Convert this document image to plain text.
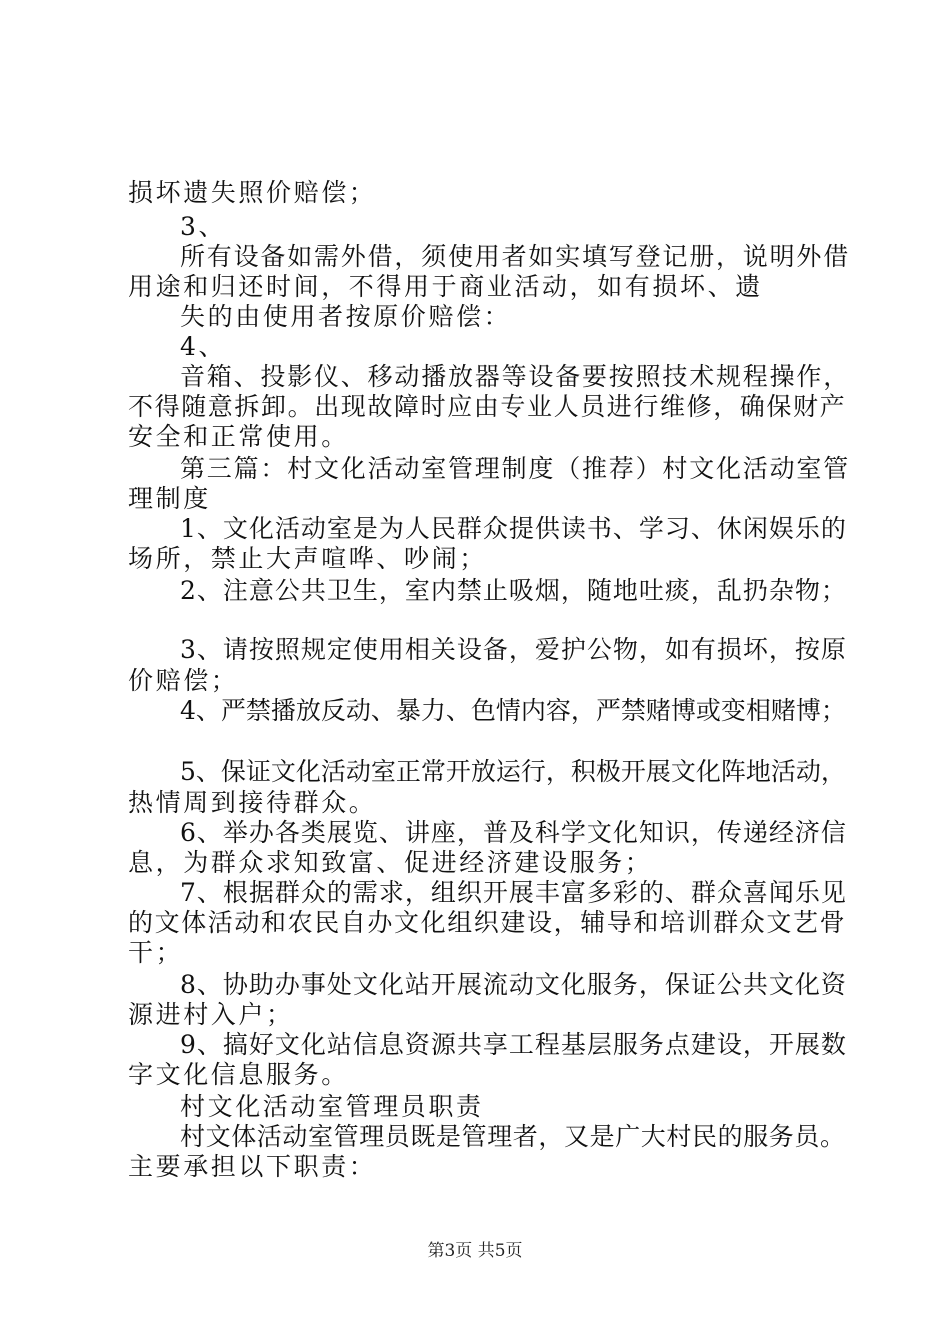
损坏遗失照价赔偿；
3、
所有设备如需外借，须使用者如实填写登记册，说明外借
用途和归还时间，不得用于商业活动，如有损坏、遗
失的由使用者按原价赔偿：
4、
音箱、投影仪、移动播放器等设备要按照技术规程操作，
不得随意拆卸。出现故障时应由专业人员进行维修，确保财产
安全和正常使用。
第三篇：村文化活动室管理制度（推荐）村文化活动室管
理制度
1、文化活动室是为人民群众提供读书、学习、休闲娱乐的
场所，禁止大声喧哗、吵闹；
2、注意公共卫生，室内禁止吸烟，随地吐痰，乱扔杂物；
3、请按照规定使用相关设备，爱护公物，如有损坏，按原
价赔偿；
4、严禁播放反动、暴力、色情内容，严禁赌博或变相赌博；
5、保证文化活动室正常开放运行，积极开展文化阵地活动，
热情周到接待群众。
6、举办各类展览、讲座，普及科学文化知识，传递经济信
息，为群众求知致富、促进经济建设服务；
7、根据群众的需求，组织开展丰富多彩的、群众喜闻乐见
的文体活动和农民自办文化组织建设，辅导和培训群众文艺骨
干；
8、协助办事处文化站开展流动文化服务，保证公共文化资
源进村入户；
9、搞好文化站信息资源共享工程基层服务点建设，开展数
字文化信息服务。
村文化活动室管理员职责
村文体活动室管理员既是管理者，又是广大村民的服务员。
主要承担以下职责：
第3页 共5页
